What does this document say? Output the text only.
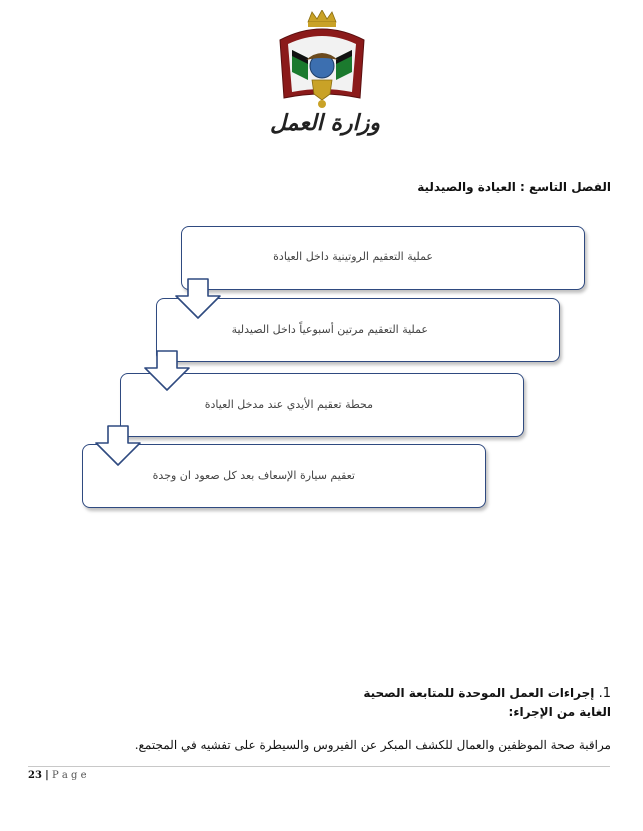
وزارة العمل
الفصل التاسع : العيادة والصيدلية
عملية التعقيم الروتينية داخل العيادة
عملية التعقيم مرتين أسبوعياً داخل الصيدلية
محطة تعقيم الأيدي عند مدخل العيادة
تعقيم سيارة الإسعاف بعد كل صعود ان وجدة
1. إجراءات العمل الموحدة للمتابعة الصحية
الغاية من الإجراء:
مراقبة صحة الموظفين والعمال للكشف المبكر عن الفيروس والسيطرة على تفشيه في المجتمع.
23 | P a g e
